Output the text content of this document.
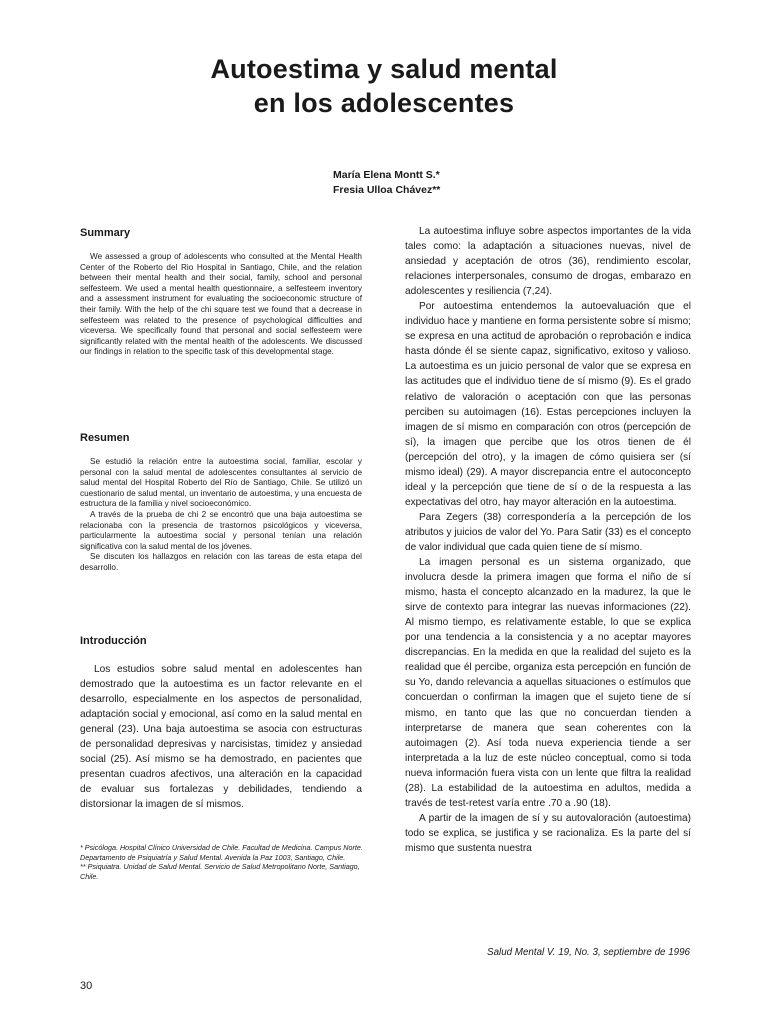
Autoestima y salud mental
en los adolescentes
María Elena Montt S.*
Fresia Ulloa Chávez**
Summary

We assessed a group of adolescents who consulted at the Mental Health Center of the Roberto del Rio Hospital in Santiago, Chile, and the relation between their mental health and their social, family, school and personal selfesteem. We used a mental health questionnaire, a selfesteem inventory and a assessment instrument for evaluating the socioeconomic structure of their family. With the help of the chi square test we found that a decrease in selfesteem was related to the presence of psychological difficulties and viceversa. We specifically found that personal and social selfesteem were significantly related with the mental health of the adolescents. We discussed our findings in relation to the specific task of this developmental stage.

Resumen

Se estudió la relación entre la autoestima social, familiar, escolar y personal con la salud mental de adolescentes consultantes al servicio de salud mental del Hospital Roberto del Río de Santiago, Chile. Se utilizó un cuestionario de salud mental, un inventario de autoestima, y una encuesta de estructura de la familia y nivel socioeconómico.

A través de la prueba de chi 2 se encontró que una baja autoestima se relacionaba con la presencia de trastornos psicológicos y viceversa, particularmente la autoestima social y personal tenían una relación significativa con la salud mental de los jóvenes.

Se discuten los hallazgos en relación con las tareas de esta etapa del desarrollo.

Introducción

Los estudios sobre salud mental en adolescentes han demostrado que la autoestima es un factor relevante en el desarrollo, especialmente en los aspectos de personalidad, adaptación social y emocional, así como en la salud mental en general (23). Una baja autoestima se asocia con estructuras de personalidad depresivas y narcisistas, timidez y ansiedad social (25). Así mismo se ha demostrado, en pacientes que presentan cuadros afectivos, una alteración en la capacidad de evaluar sus fortalezas y debilidades, tendiendo a distorsionar la imagen de sí mismos.

* Psicóloga. Hospital Clínico Universidad de Chile. Facultad de Medicina. Campus Norte. Departamento de Psiquiatría y Salud Mental. Avenida la Paz 1003, Santiago, Chile.

** Psiquiatra. Unidad de Salud Mental. Servicio de Salud Metropolitano Norte, Santiago, Chile.

La autoestima influye sobre aspectos importantes de la vida tales como: la adaptación a situaciones nuevas, nivel de ansiedad y aceptación de otros (36), rendimiento escolar, relaciones interpersonales, consumo de drogas, embarazo en adolescentes y resiliencia (7,24).

Por autoestima entendemos la autoevaluación que el individuo hace y mantiene en forma persistente sobre sí mismo; se expresa en una actitud de aprobación o reprobación e indica hasta dónde él se siente capaz, significativo, exitoso y valioso. La autoestima es un juicio personal de valor que se expresa en las actitudes que el individuo tiene de sí mismo (9). Es el grado relativo de valoración o aceptación con que las personas perciben su autoimagen (16). Estas percepciones incluyen la imagen de sí mismo en comparación con otros (percepción de sí), la imagen que percibe que los otros tienen de él (percepción del otro), y la imagen de cómo quisiera ser (sí mismo ideal) (29). A mayor discrepancia entre el autoconcepto ideal y la percepción que tiene de sí o de la respuesta a las expectativas del otro, hay mayor alteración en la autoestima.

Para Zegers (38) correspondería a la percepción de los atributos y juicios de valor del Yo. Para Satir (33) es el concepto de valor individual que cada quien tiene de sí mismo.

La imagen personal es un sistema organizado, que involucra desde la primera imagen que forma el niño de sí mismo, hasta el concepto alcanzado en la madurez, la que le sirve de contexto para integrar las nuevas informaciones (22). Al mismo tiempo, es relativamente estable, lo que se explica por una tendencia a la consistencia y a no aceptar mayores discrepancias. En la medida en que la realidad del sujeto es la realidad que él percibe, organiza esta percepción en función de su Yo, dando relevancia a aquellas situaciones o estímulos que concuerdan o confirman la imagen que el sujeto tiene de sí mismo, en tanto que las que no concuerdan tienden a interpretarse de manera que sean coherentes con la autoimagen (2). Así toda nueva experiencia tiende a ser interpretada a la luz de este núcleo conceptual, como si toda nueva información fuera vista con un lente que filtra la realidad (28). La estabilidad de la autoestima en adultos, medida a través de test-retest varía entre .70 a .90 (18).

A partir de la imagen de sí y su autovaloración (autoestima) todo se explica, se justifica y se racionaliza. Es la parte del sí mismo que sustenta nuestra

Salud Mental V. 19, No. 3, septiembre de 1996
30
